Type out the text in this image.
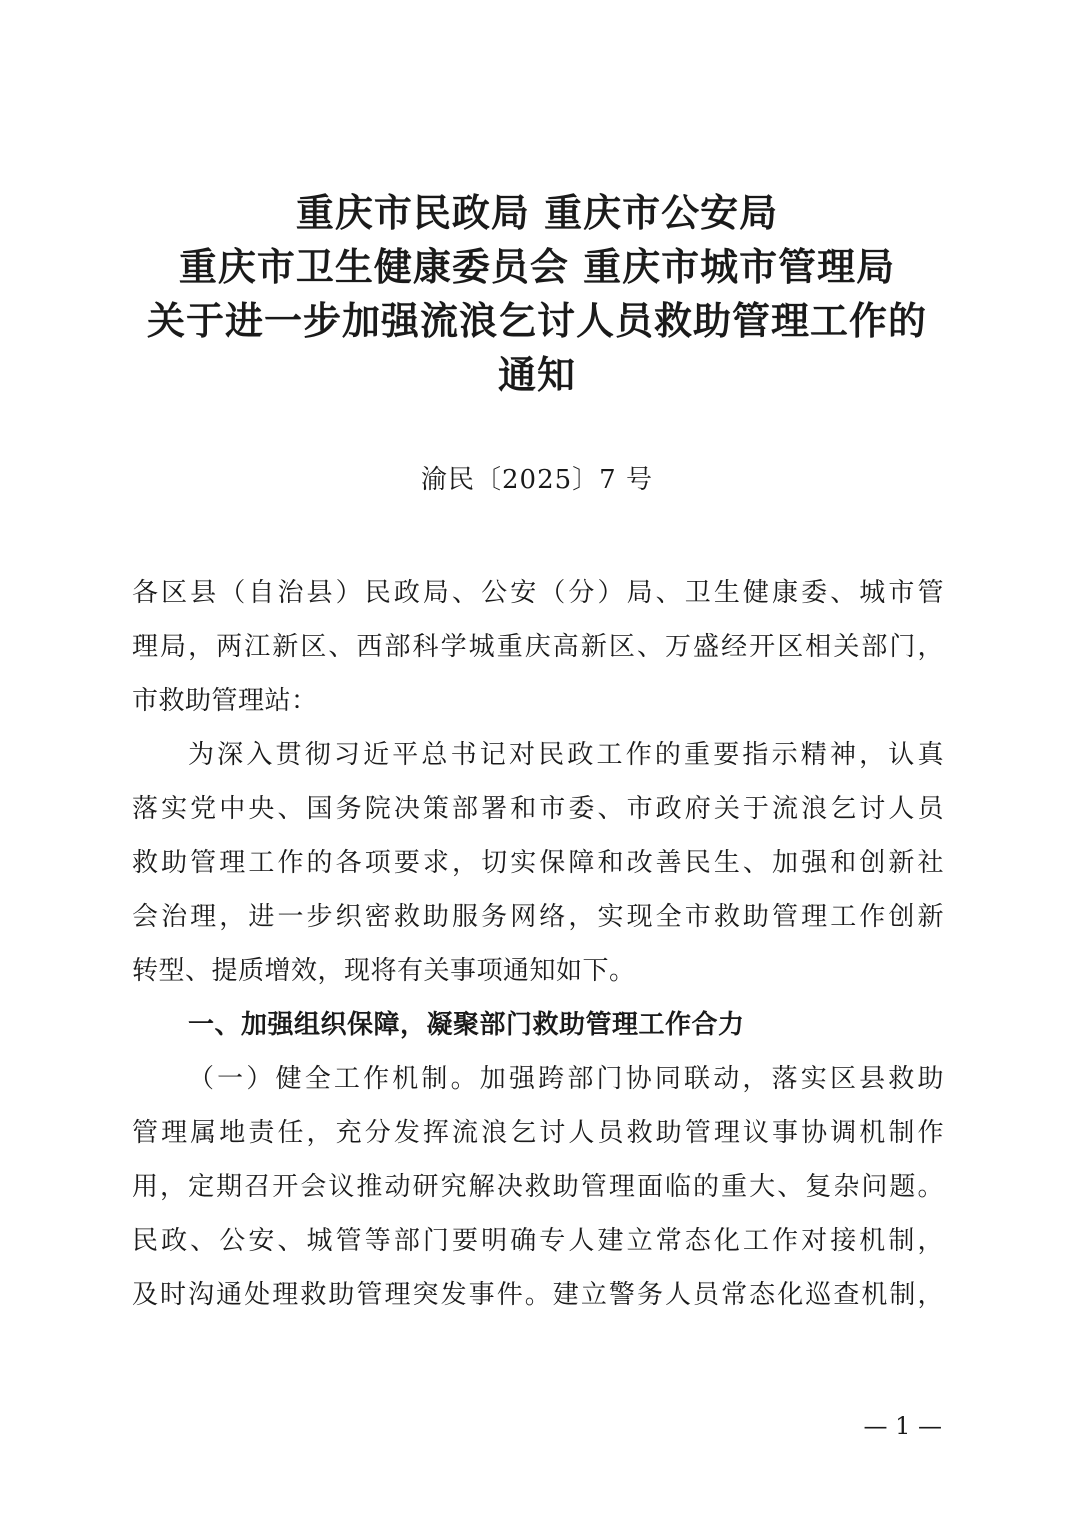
重庆市民政局 重庆市公安局
重庆市卫生健康委员会 重庆市城市管理局
关于进一步加强流浪乞讨人员救助管理工作的
通知
渝民〔2025〕7 号
各区县（自治县）民政局、公安（分）局、卫生健康委、城市管
理局，两江新区、西部科学城重庆高新区、万盛经开区相关部门，
市救助管理站：
为深入贯彻习近平总书记对民政工作的重要指示精神，认真
落实党中央、国务院决策部署和市委、市政府关于流浪乞讨人员
救助管理工作的各项要求，切实保障和改善民生、加强和创新社
会治理，进一步织密救助服务网络，实现全市救助管理工作创新
转型、提质增效，现将有关事项通知如下。
一、加强组织保障，凝聚部门救助管理工作合力
（一）健全工作机制。加强跨部门协同联动，落实区县救助
管理属地责任，充分发挥流浪乞讨人员救助管理议事协调机制作
用，定期召开会议推动研究解决救助管理面临的重大、复杂问题。
民政、公安、城管等部门要明确专人建立常态化工作对接机制，
及时沟通处理救助管理突发事件。建立警务人员常态化巡查机制，
— 1 —
